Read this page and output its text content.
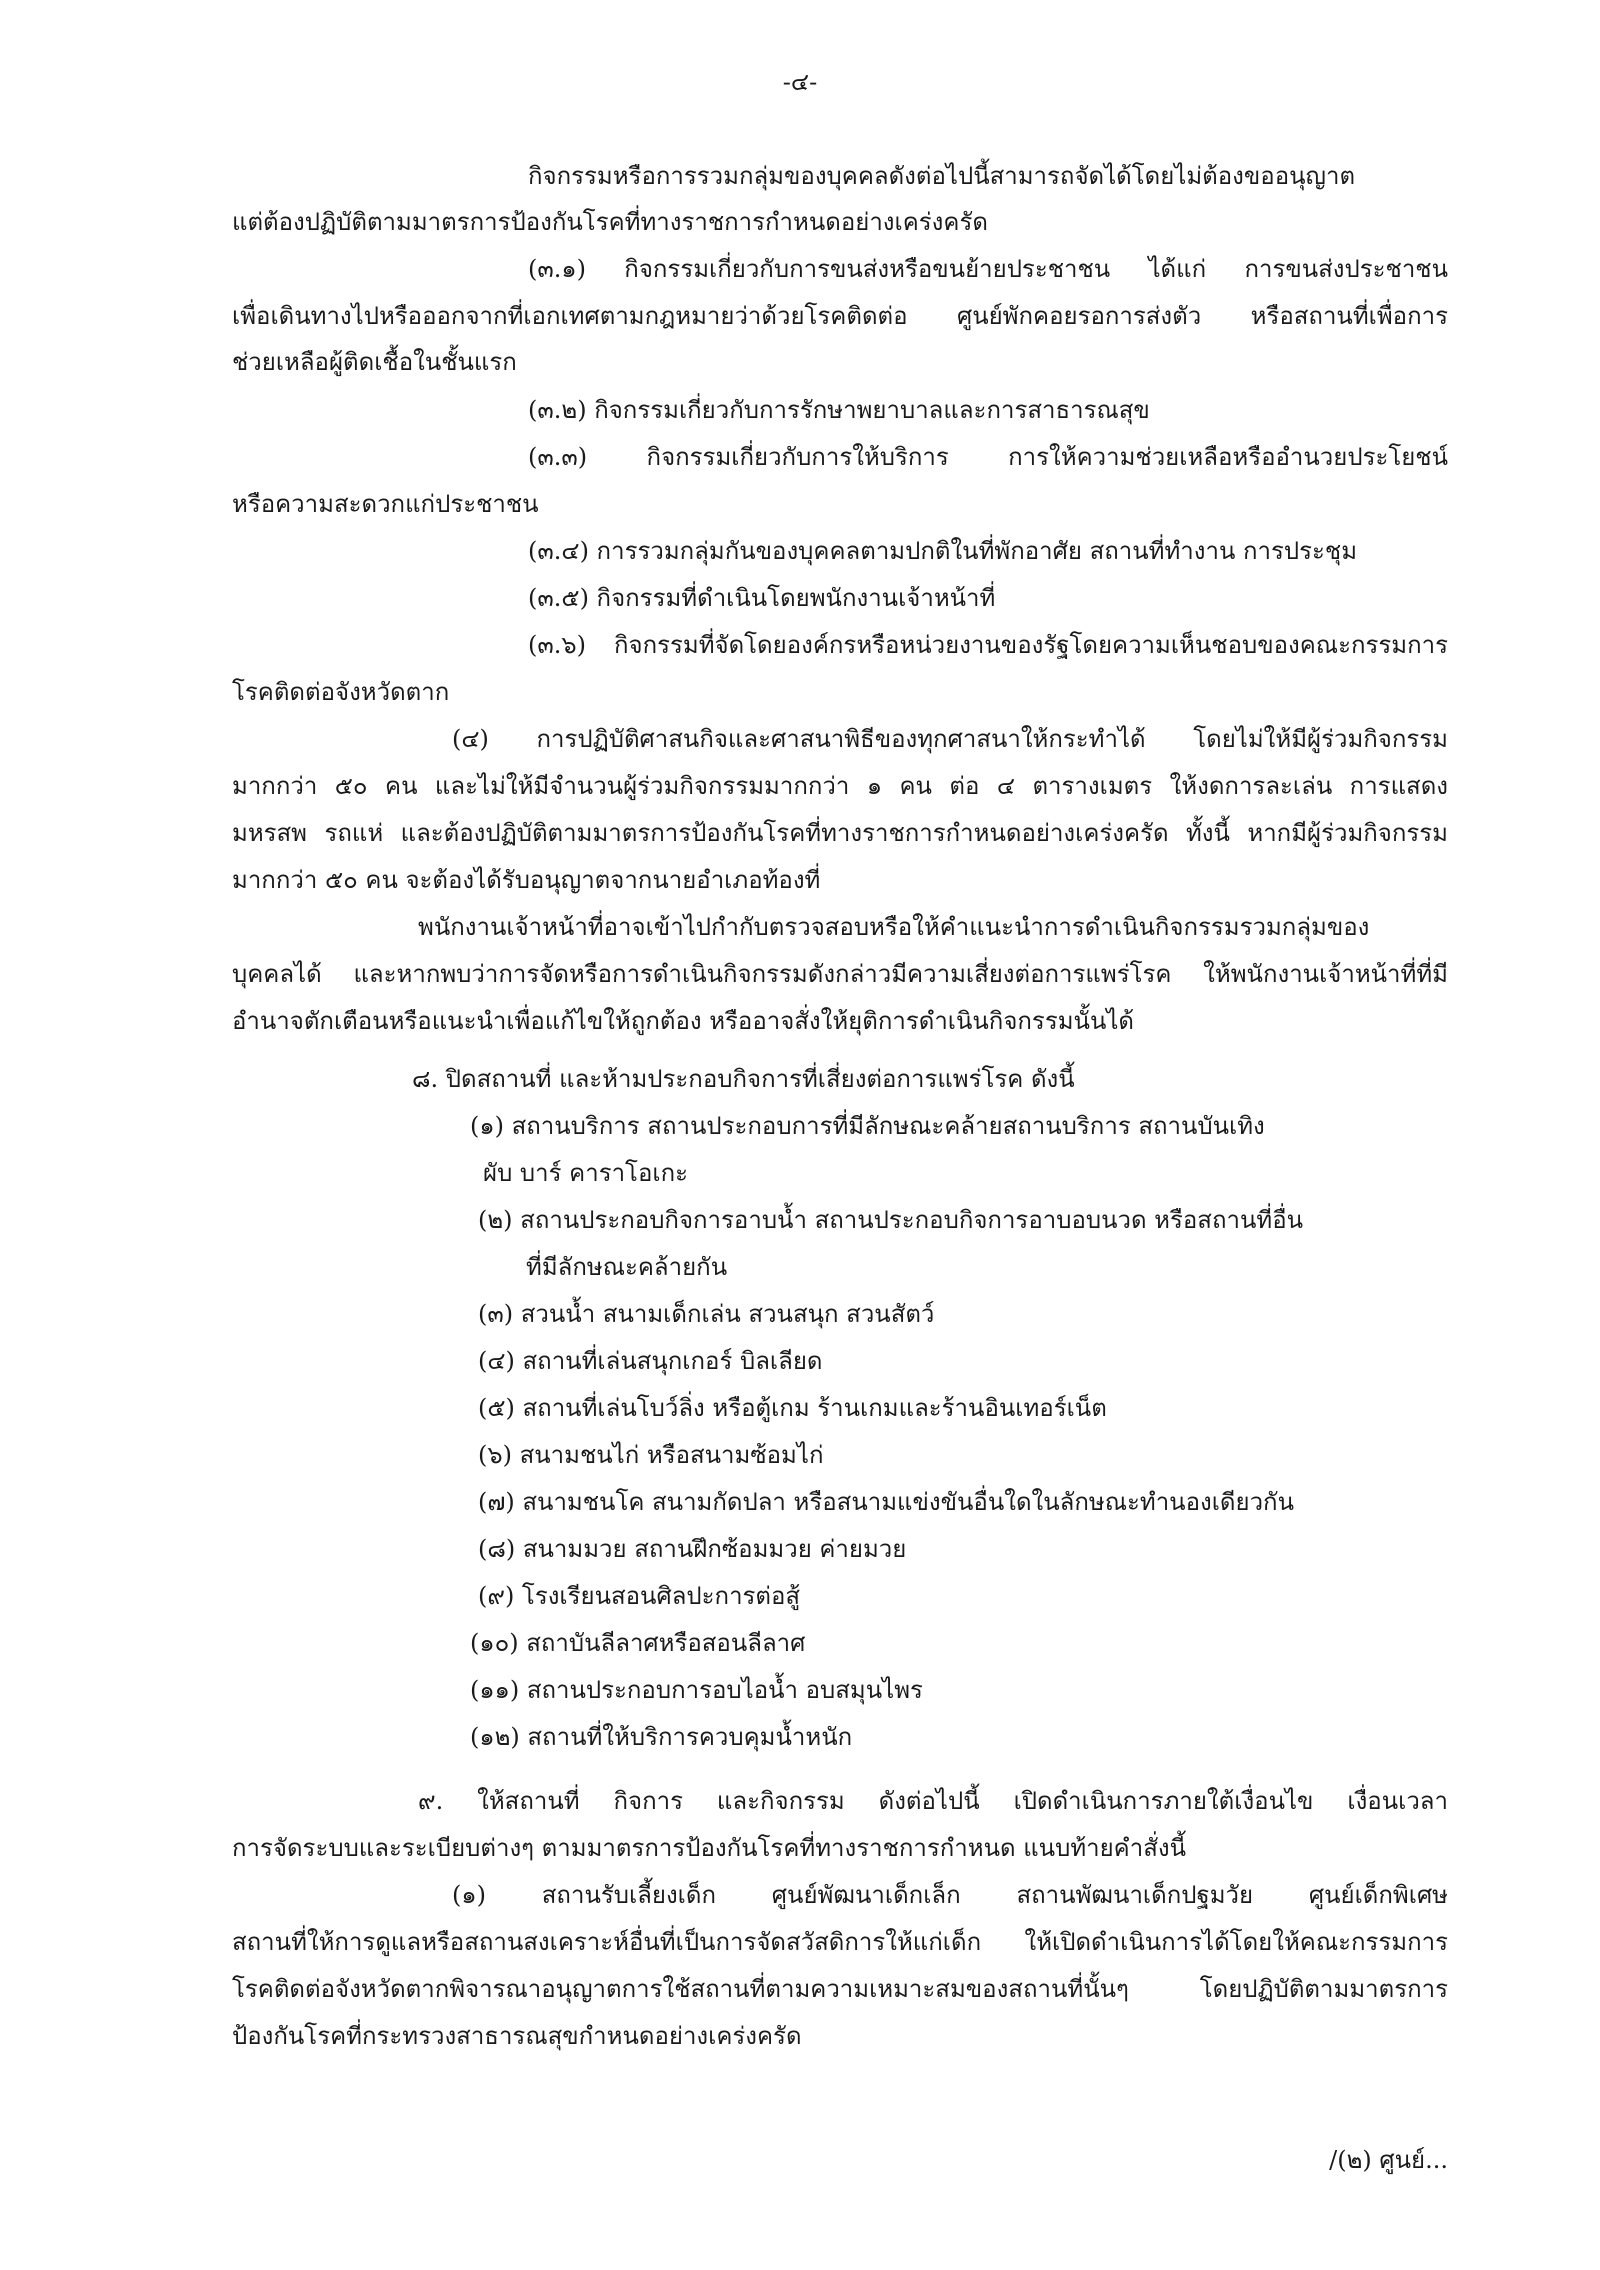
-๔-
กิจกรรมหรือการรวมกลุ่มของบุคคลดังต่อไปนี้สามารถจัดได้โดยไม่ต้องขออนุญาต
แต่ต้องปฏิบัติตามมาตรการป้องกันโรคที่ทางราชการกำหนดอย่างเคร่งครัด
(๓.๑) กิจกรรมเกี่ยวกับการขนส่งหรือขนย้ายประชาชน ได้แก่ การขนส่งประชาชน
เพื่อเดินทางไปหรือออกจากที่เอกเทศตามกฎหมายว่าด้วยโรคติดต่อ ศูนย์พักคอยรอการส่งตัว หรือสถานที่เพื่อการ
ช่วยเหลือผู้ติดเชื้อในชั้นแรก
(๓.๒) กิจกรรมเกี่ยวกับการรักษาพยาบาลและการสาธารณสุข
(๓.๓) กิจกรรมเกี่ยวกับการให้บริการ การให้ความช่วยเหลือหรืออำนวยประโยชน์
หรือความสะดวกแก่ประชาชน
(๓.๔) การรวมกลุ่มกันของบุคคลตามปกติในที่พักอาศัย สถานที่ทำงาน การประชุม
(๓.๕) กิจกรรมที่ดำเนินโดยพนักงานเจ้าหน้าที่
(๓.๖) กิจกรรมที่จัดโดยองค์กรหรือหน่วยงานของรัฐโดยความเห็นชอบของคณะกรรมการ
โรคติดต่อจังหวัดตาก
(๔) การปฏิบัติศาสนกิจและศาสนาพิธีของทุกศาสนาให้กระทำได้ โดยไม่ให้มีผู้ร่วมกิจกรรม
มากกว่า ๕๐ คน และไม่ให้มีจำนวนผู้ร่วมกิจกรรมมากกว่า ๑ คน ต่อ ๔ ตารางเมตร ให้งดการละเล่น การแสดง
มหรสพ รถแห่ และต้องปฏิบัติตามมาตรการป้องกันโรคที่ทางราชการกำหนดอย่างเคร่งครัด ทั้งนี้ หากมีผู้ร่วมกิจกรรม
มากกว่า ๕๐ คน จะต้องได้รับอนุญาตจากนายอำเภอท้องที่
พนักงานเจ้าหน้าที่อาจเข้าไปกำกับตรวจสอบหรือให้คำแนะนำการดำเนินกิจกรรมรวมกลุ่มของ
บุคคลได้ และหากพบว่าการจัดหรือการดำเนินกิจกรรมดังกล่าวมีความเสี่ยงต่อการแพร่โรค ให้พนักงานเจ้าหน้าที่ที่มี
อำนาจตักเตือนหรือแนะนำเพื่อแก้ไขให้ถูกต้อง หรืออาจสั่งให้ยุติการดำเนินกิจกรรมนั้นได้
๘. ปิดสถานที่ และห้ามประกอบกิจการที่เสี่ยงต่อการแพร่โรค ดังนี้
(๑) สถานบริการ สถานประกอบการที่มีลักษณะคล้ายสถานบริการ สถานบันเทิง
ผับ บาร์ คาราโอเกะ
(๒) สถานประกอบกิจการอาบน้ำ สถานประกอบกิจการอาบอบนวด หรือสถานที่อื่น
ที่มีลักษณะคล้ายกัน
(๓) สวนน้ำ สนามเด็กเล่น สวนสนุก สวนสัตว์
(๔) สถานที่เล่นสนุกเกอร์ บิลเลียด
(๕) สถานที่เล่นโบว์ลิ่ง หรือตู้เกม ร้านเกมและร้านอินเทอร์เน็ต
(๖) สนามชนไก่ หรือสนามซ้อมไก่
(๗) สนามชนโค สนามกัดปลา หรือสนามแข่งขันอื่นใดในลักษณะทำนองเดียวกัน
(๘) สนามมวย สถานฝึกซ้อมมวย ค่ายมวย
(๙) โรงเรียนสอนศิลปะการต่อสู้
(๑๐) สถาบันลีลาศหรือสอนลีลาศ
(๑๑) สถานประกอบการอบไอน้ำ อบสมุนไพร
(๑๒) สถานที่ให้บริการควบคุมน้ำหนัก
๙. ให้สถานที่ กิจการ และกิจกรรม ดังต่อไปนี้ เปิดดำเนินการภายใต้เงื่อนไข เงื่อนเวลา
การจัดระบบและระเบียบต่างๆ ตามมาตรการป้องกันโรคที่ทางราชการกำหนด แนบท้ายคำสั่งนี้
(๑) สถานรับเลี้ยงเด็ก ศูนย์พัฒนาเด็กเล็ก สถานพัฒนาเด็กปฐมวัย ศูนย์เด็กพิเศษ
สถานที่ให้การดูแลหรือสถานสงเคราะห์อื่นที่เป็นการจัดสวัสดิการให้แก่เด็ก ให้เปิดดำเนินการได้โดยให้คณะกรรมการ
โรคติดต่อจังหวัดตากพิจารณาอนุญาตการใช้สถานที่ตามความเหมาะสมของสถานที่นั้นๆ โดยปฏิบัติตามมาตรการ
ป้องกันโรคที่กระทรวงสาธารณสุขกำหนดอย่างเคร่งครัด
/(๒) ศูนย์...
